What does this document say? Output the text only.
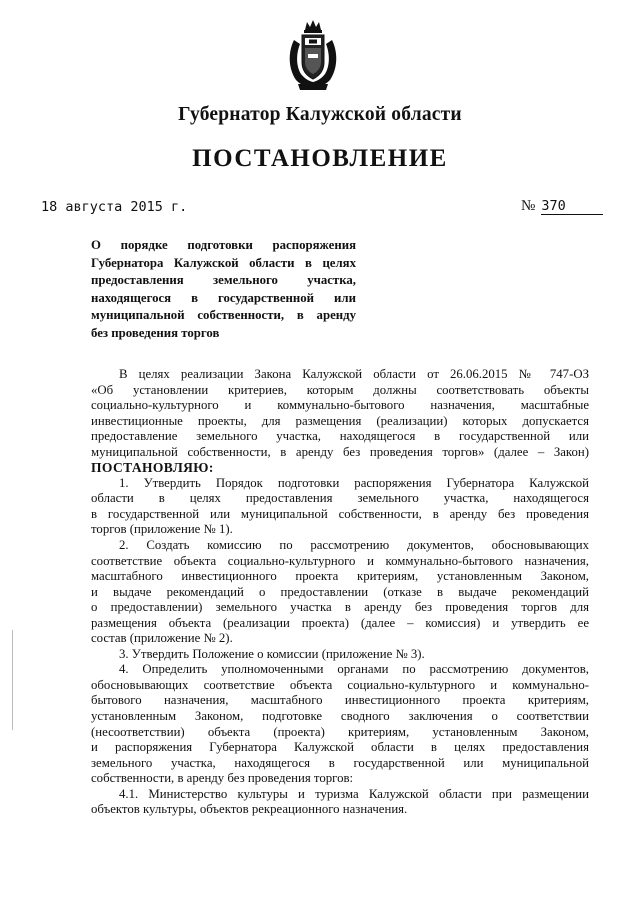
Губернатор Калужской области
ПОСТАНОВЛЕНИЕ
18 августа 2015 г.	№ 370
О порядке подготовки распоряжения
Губернатора Калужской области в целях
предоставления земельного участка,
находящегося в государственной или
муниципальной собственности, в аренду
без проведения торгов
В целях реализации Закона Калужской области от 26.06.2015 № 747-ОЗ
«Об установлении критериев, которым должны соответствовать объекты
социально-культурного и коммунально-бытового назначения, масштабные
инвестиционные проекты, для размещения (реализации) которых допускается
предоставление земельного участка, находящегося в государственной или
муниципальной собственности, в аренду без проведения торгов» (далее – Закон)
ПОСТАНОВЛЯЮ:
1. Утвердить Порядок подготовки распоряжения Губернатора Калужской
области в целях предоставления земельного участка, находящегося
в государственной или муниципальной собственности, в аренду без проведения
торгов (приложение № 1).
2. Создать комиссию по рассмотрению документов, обосновывающих
соответствие объекта социально-культурного и коммунально-бытового назначения,
масштабного инвестиционного проекта критериям, установленным Законом,
и выдаче рекомендаций о предоставлении (отказе в выдаче рекомендаций
о предоставлении) земельного участка в аренду без проведения торгов для
размещения объекта (реализации проекта) (далее – комиссия) и утвердить ее
состав (приложение № 2).
3. Утвердить Положение о комиссии (приложение № 3).
4. Определить уполномоченными органами по рассмотрению документов,
обосновывающих соответствие объекта социально-культурного и коммунально-
бытового назначения, масштабного инвестиционного проекта критериям,
установленным Законом, подготовке сводного заключения о соответствии
(несоответствии) объекта (проекта) критериям, установленным Законом,
и распоряжения Губернатора Калужской области в целях предоставления
земельного участка, находящегося в государственной или муниципальной
собственности, в аренду без проведения торгов:
4.1. Министерство культуры и туризма Калужской области при размещении
объектов культуры, объектов рекреационного назначения.
